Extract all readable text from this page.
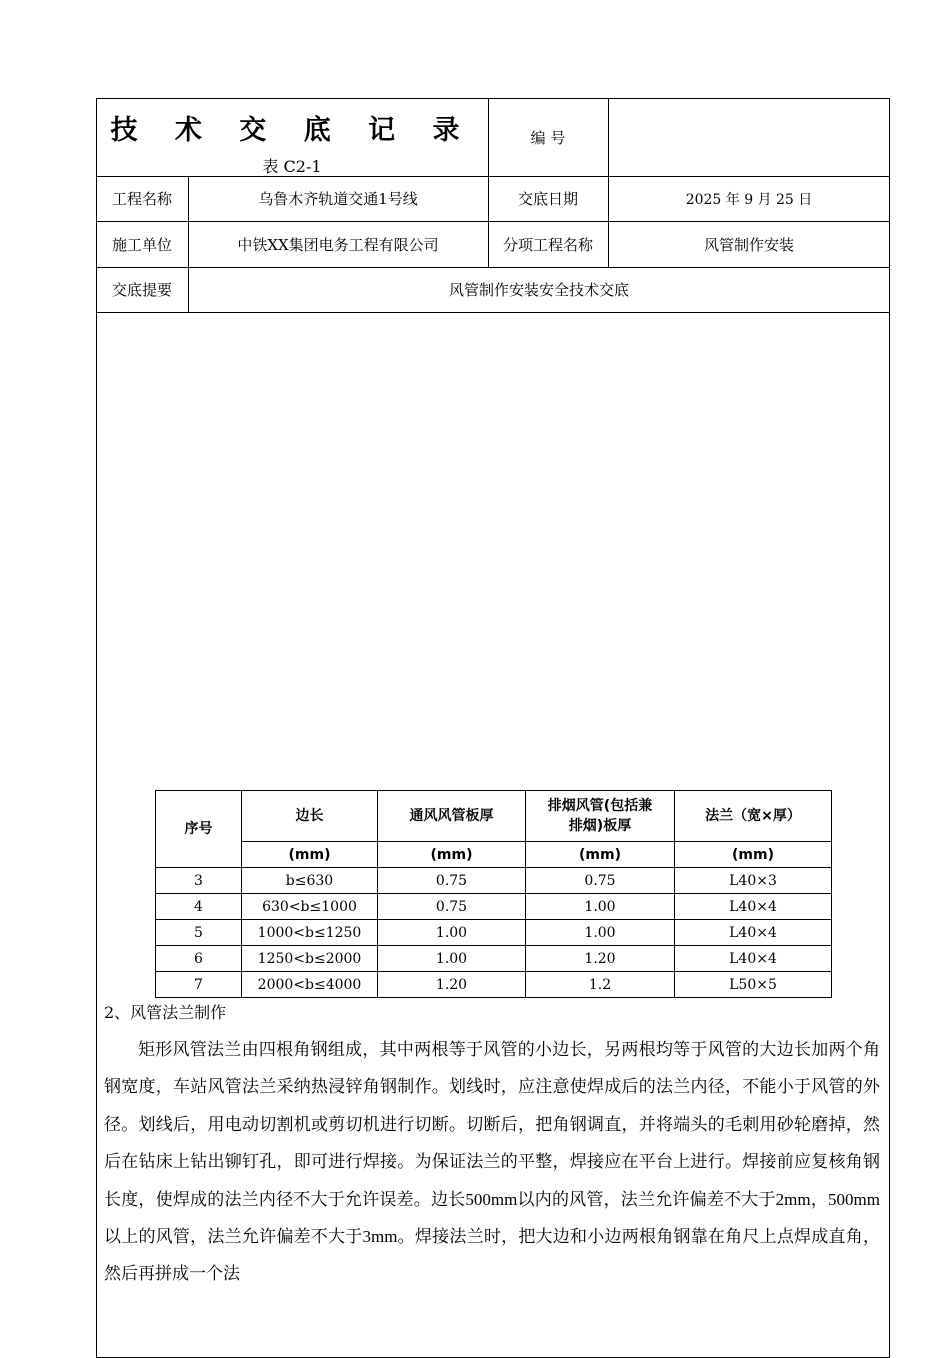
技 术 交 底 记 录
表 C2-1
编 号
工程名称	乌鲁木齐轨道交通1号线	交底日期	2025 年 9 月 25 日
施工单位	中铁XX集团电务工程有限公司	分项工程名称	风管制作安装
交底提要	风管制作安装安全技术交底
序号	边长	通风风管板厚	排烟风管(包括兼
排烟)板厚	法兰（宽×厚）
	(mm)	(mm)	(mm)	(mm)
3	b≤630	0.75	0.75	L40×3
4	630<b≤1000	0.75	1.00	L40×4
5	1000<b≤1250	1.00	1.00	L40×4
6	1250<b≤2000	1.00	1.20	L40×4
7	2000<b≤4000	1.20	1.2	L50×5
2、风管法兰制作
矩形风管法兰由四根角钢组成，其中两根等于风管的小边长，另两根均等于风管的大边长加两个角钢宽度，车站风管法兰采纳热浸锌角钢制作。划线时，应注意使焊成后的法兰内径，不能小于风管的外径。划线后，用电动切割机或剪切机进行切断。切断后，把角钢调直，并将端头的毛刺用砂轮磨掉，然后在钻床上钻出铆钉孔，即可进行焊接。为保证法兰的平整，焊接应在平台上进行。焊接前应复核角钢长度，使焊成的法兰内径不大于允许误差。边长500mm以内的风管，法兰允许偏差不大于2mm，500mm以上的风管，法兰允许偏差不大于3mm。焊接法兰时，把大边和小边两根角钢靠在角尺上点焊成直角，然后再拼成一个法
